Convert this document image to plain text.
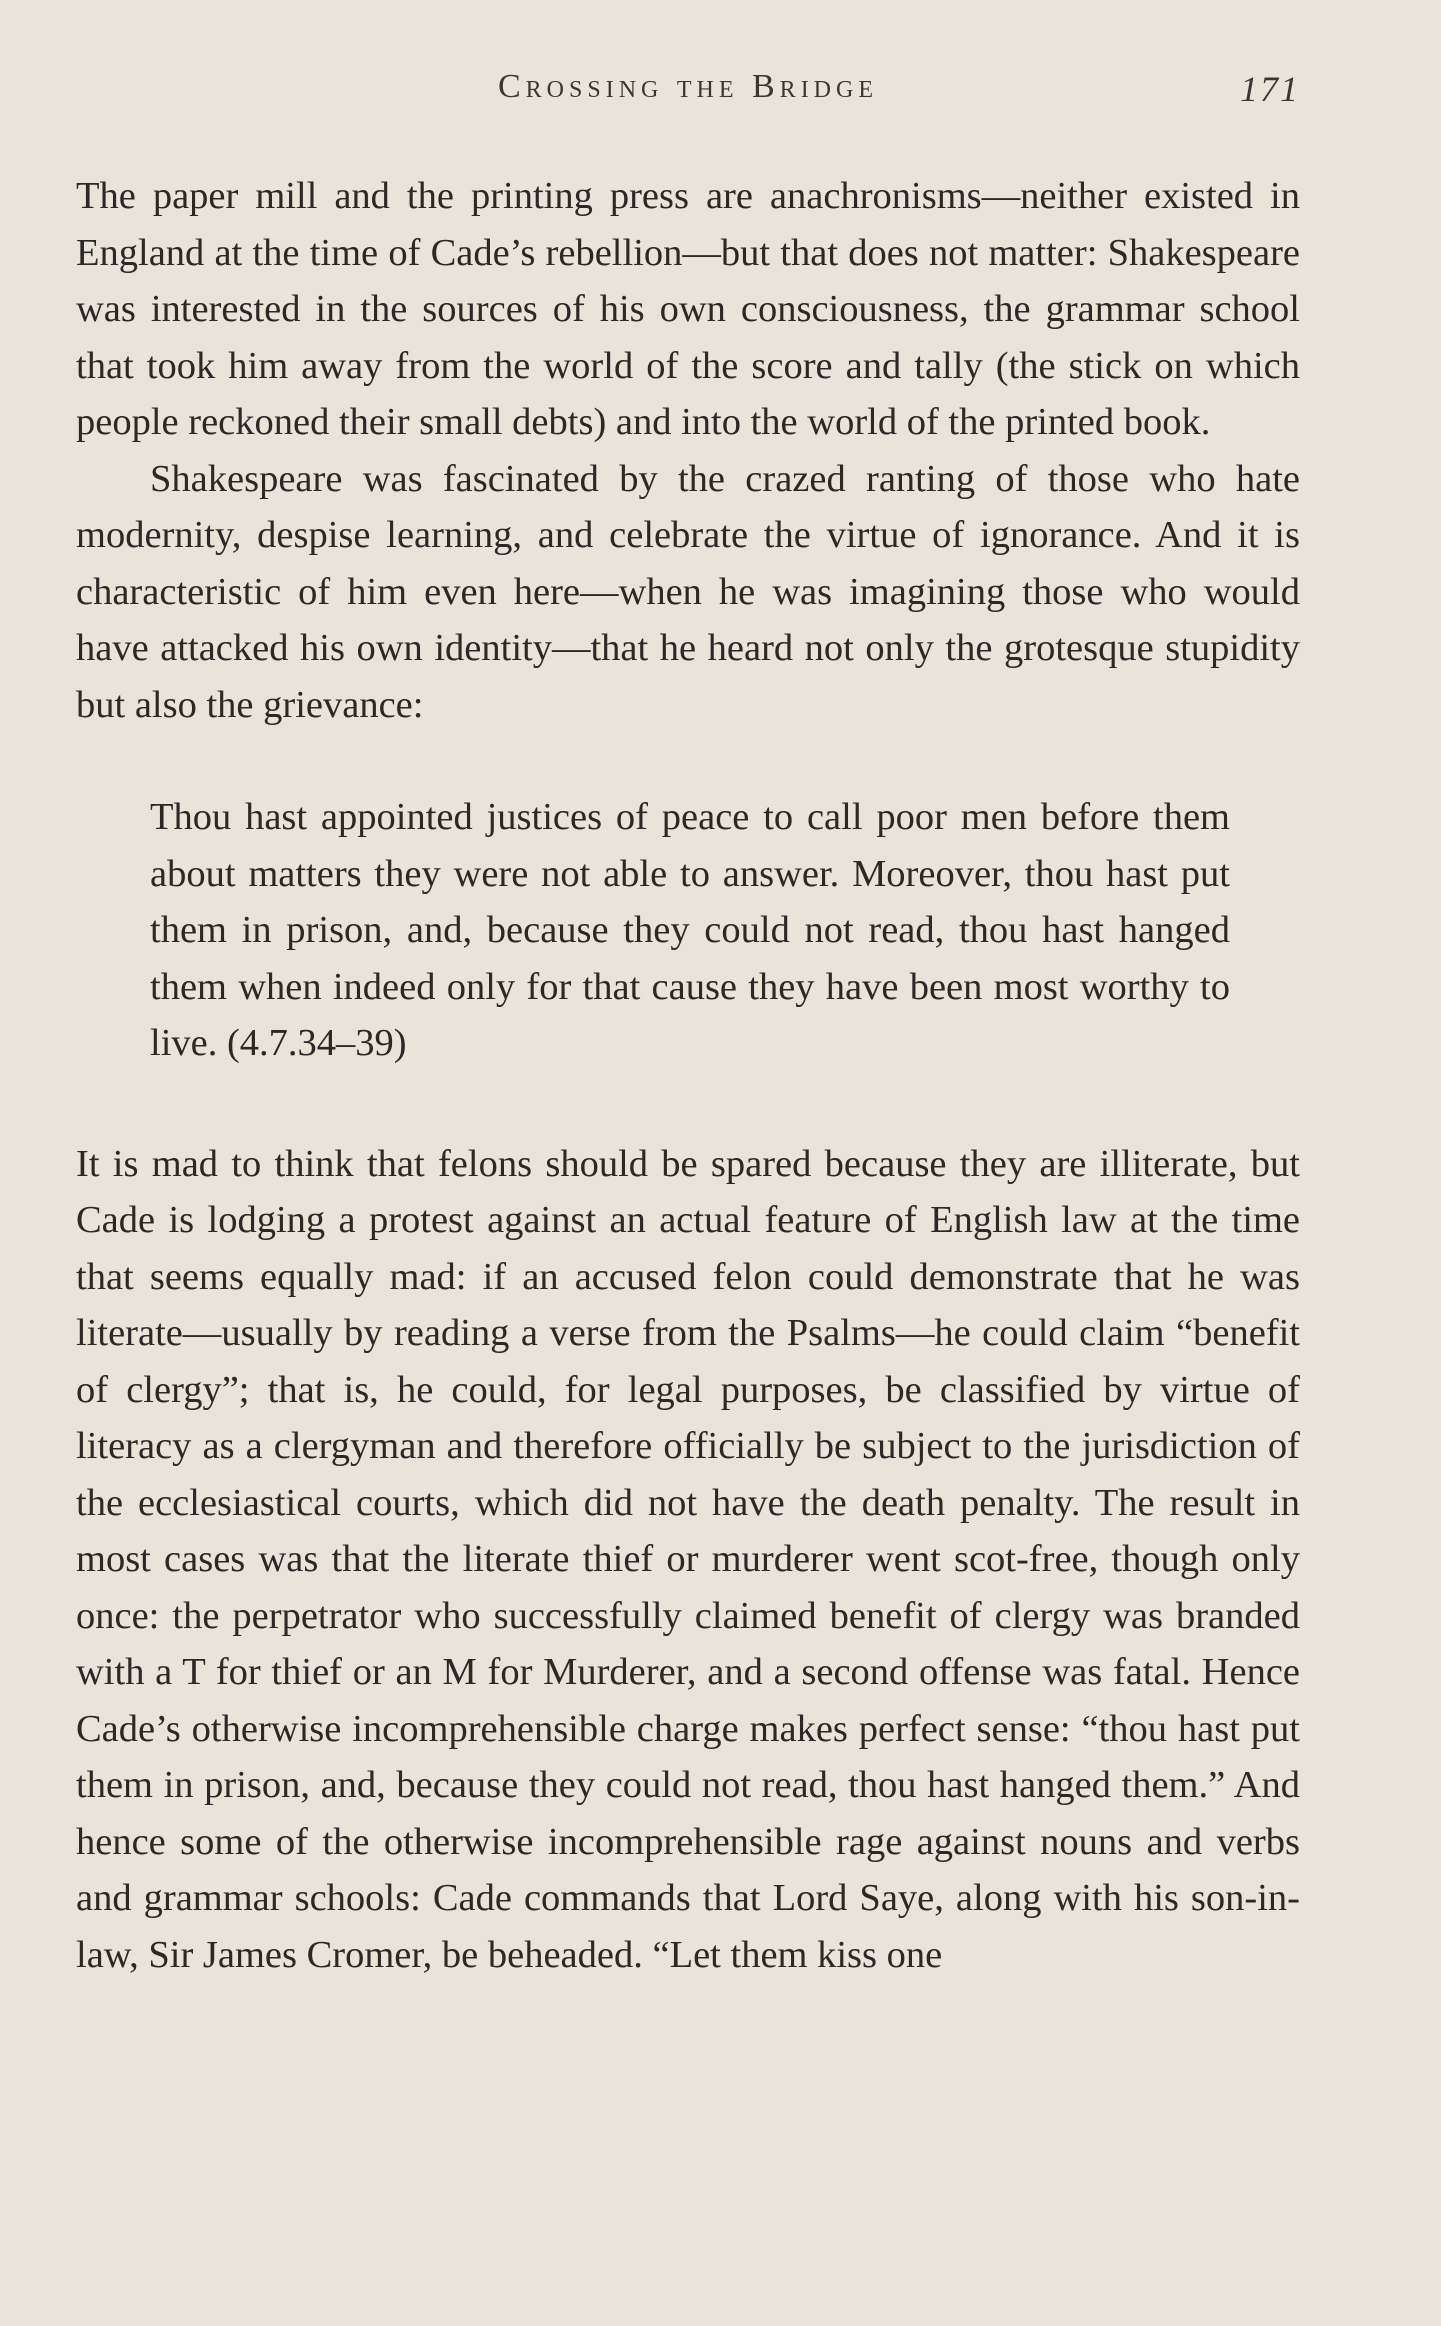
Crossing the Bridge	171

The paper mill and the printing press are anachronisms—neither existed in England at the time of Cade’s rebellion—but that does not matter: Shakespeare was interested in the sources of his own consciousness, the grammar school that took him away from the world of the score and tally (the stick on which people reckoned their small debts) and into the world of the printed book.

Shakespeare was fascinated by the crazed ranting of those who hate modernity, despise learning, and celebrate the virtue of ignorance. And it is characteristic of him even here—when he was imagining those who would have attacked his own identity—that he heard not only the grotesque stupidity but also the grievance:

Thou hast appointed justices of peace to call poor men before them about matters they were not able to answer. Moreover, thou hast put them in prison, and, because they could not read, thou hast hanged them when indeed only for that cause they have been most worthy to live. (4.7.34–39)

It is mad to think that felons should be spared because they are illiterate, but Cade is lodging a protest against an actual feature of English law at the time that seems equally mad: if an accused felon could demonstrate that he was literate—usually by reading a verse from the Psalms—he could claim “benefit of clergy”; that is, he could, for legal purposes, be classified by virtue of literacy as a clergyman and therefore officially be subject to the jurisdiction of the ecclesiastical courts, which did not have the death penalty. The result in most cases was that the literate thief or murderer went scot-free, though only once: the perpetrator who successfully claimed benefit of clergy was branded with a T for thief or an M for Murderer, and a second offense was fatal. Hence Cade’s otherwise incomprehensible charge makes perfect sense: “thou hast put them in prison, and, because they could not read, thou hast hanged them.” And hence some of the otherwise incomprehensible rage against nouns and verbs and grammar schools: Cade commands that Lord Saye, along with his son-in-law, Sir James Cromer, be beheaded. “Let them kiss one
